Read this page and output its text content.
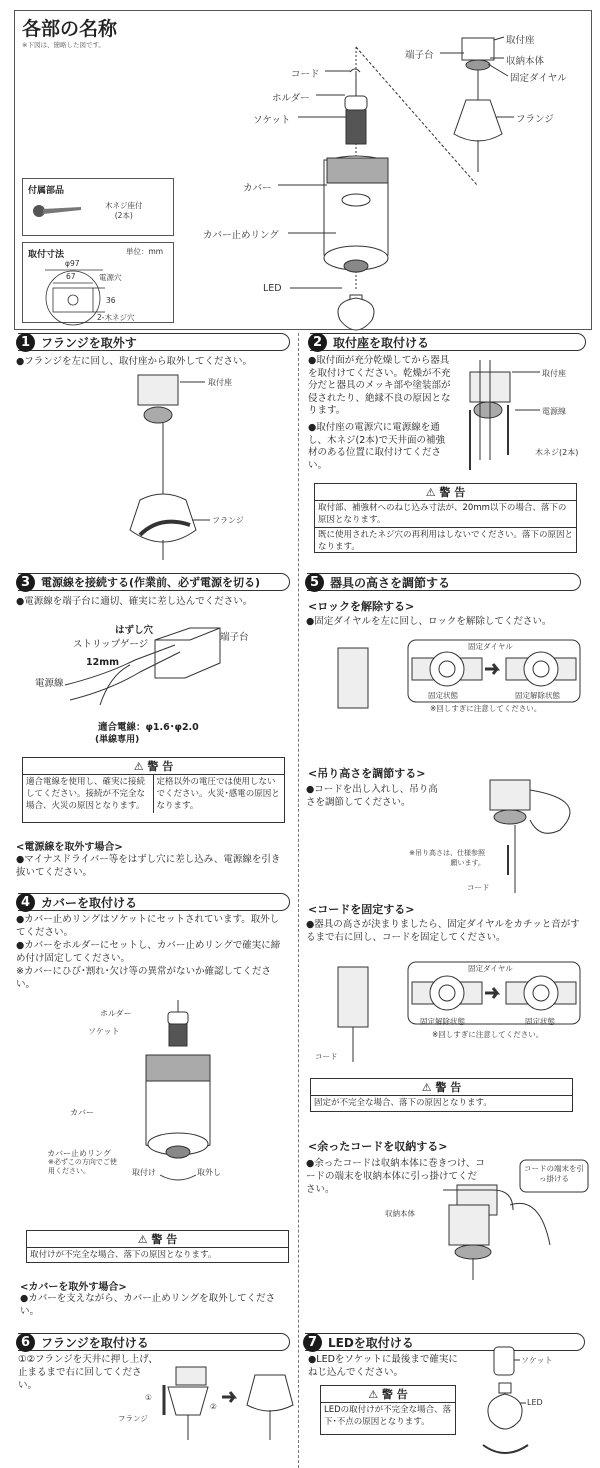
各部の名称
※下図は、簡略した図です。
コード
ホルダー
ソケット
カバー
カバー止めリング
LED
取付座
端子台
収納本体
固定ダイヤル
フランジ
付属部品
木ネジ座付
(2本)
取付寸法	単位：mm
φ97
67
36
電源穴
2-木ネジ穴
1 フランジを取外す
●フランジを左に回し、取付座から取外してください。
取付座
フランジ
2 取付座を取付ける
●取付面が充分乾燥してから器具を取付けてください。乾燥が不充分だと器具のメッキ部や塗装部が侵されたり、絶縁不良の原因となります。
●取付座の電源穴に電源線を通し、木ネジ(2本)で天井面の補強材のある位置に取付けてください。
取付座
電源線
木ネジ(2本)
⚠ 警 告
取付部、補強材へのねじ込み寸法が、20mm以下の場合、落下の原因となります。
既に使用されたネジ穴の再利用はしないでください。落下の原因となります。
3 電源線を接続する(作業前、必ず電源を切る)
●電源線を端子台に適切、確実に差し込んでください。
はずし穴
ストリップゲージ
端子台
12mm
電源線
適合電線：φ1.6･φ2.0
(単線専用)
⚠ 警 告
適合電線を使用し、確実に接続してください。接続が不完全な場合、火災の原因となります。
定格以外の電圧では使用しないでください。火災･感電の原因となります。
<電源線を取外す場合>
●マイナスドライバー等をはずし穴に差し込み、電源線を引き抜いてください。
4 カバーを取付ける
●カバー止めリングはソケットにセットされています。取外してください。
●カバーをホルダーにセットし、カバー止めリングで確実に締め付け固定してください。
※カバーにひび･割れ･欠け等の異常がないか確認してください。
ホルダー
ソケット
カバー
カバー止めリング
※必ずこの方向でご使用ください。	取付け	取外し
⚠ 警 告
取付けが不完全な場合、落下の原因となります。
<カバーを取外す場合>
●カバーを支えながら、カバー止めリングを取外してください。
5 器具の高さを調節する
<ロックを解除する>
●固定ダイヤルを左に回し、ロックを解除してください。
固定ダイヤル
固定状態	固定解除状態
※回しすぎに注意してください。
<吊り高さを調節する>
●コードを出し入れし、吊り高さを調節してください。
※吊り高さは、仕様参照願います。
コード
<コードを固定する>
●器具の高さが決まりましたら、固定ダイヤルをカチッと音がするまで右に回し、コードを固定してください。
固定ダイヤル
固定解除状態	固定状態
※回しすぎに注意してください。
コード
⚠ 警 告
固定が不完全な場合、落下の原因となります。
<余ったコードを収納する>
●余ったコードは収納本体に巻きつけ、コードの端末を収納本体に引っ掛けてください。
コードの端末を引っ掛ける
収納本体
6 フランジを取付ける
①②フランジを天井に押し上げ、止まるまで右に回してください。
①
②
フランジ
7 LEDを取付ける
●LEDをソケットに最後まで確実にねじ込んでください。
⚠ 警 告
LEDの取付けが不完全な場合、落下･不点の原因となります。
ソケット
LED
